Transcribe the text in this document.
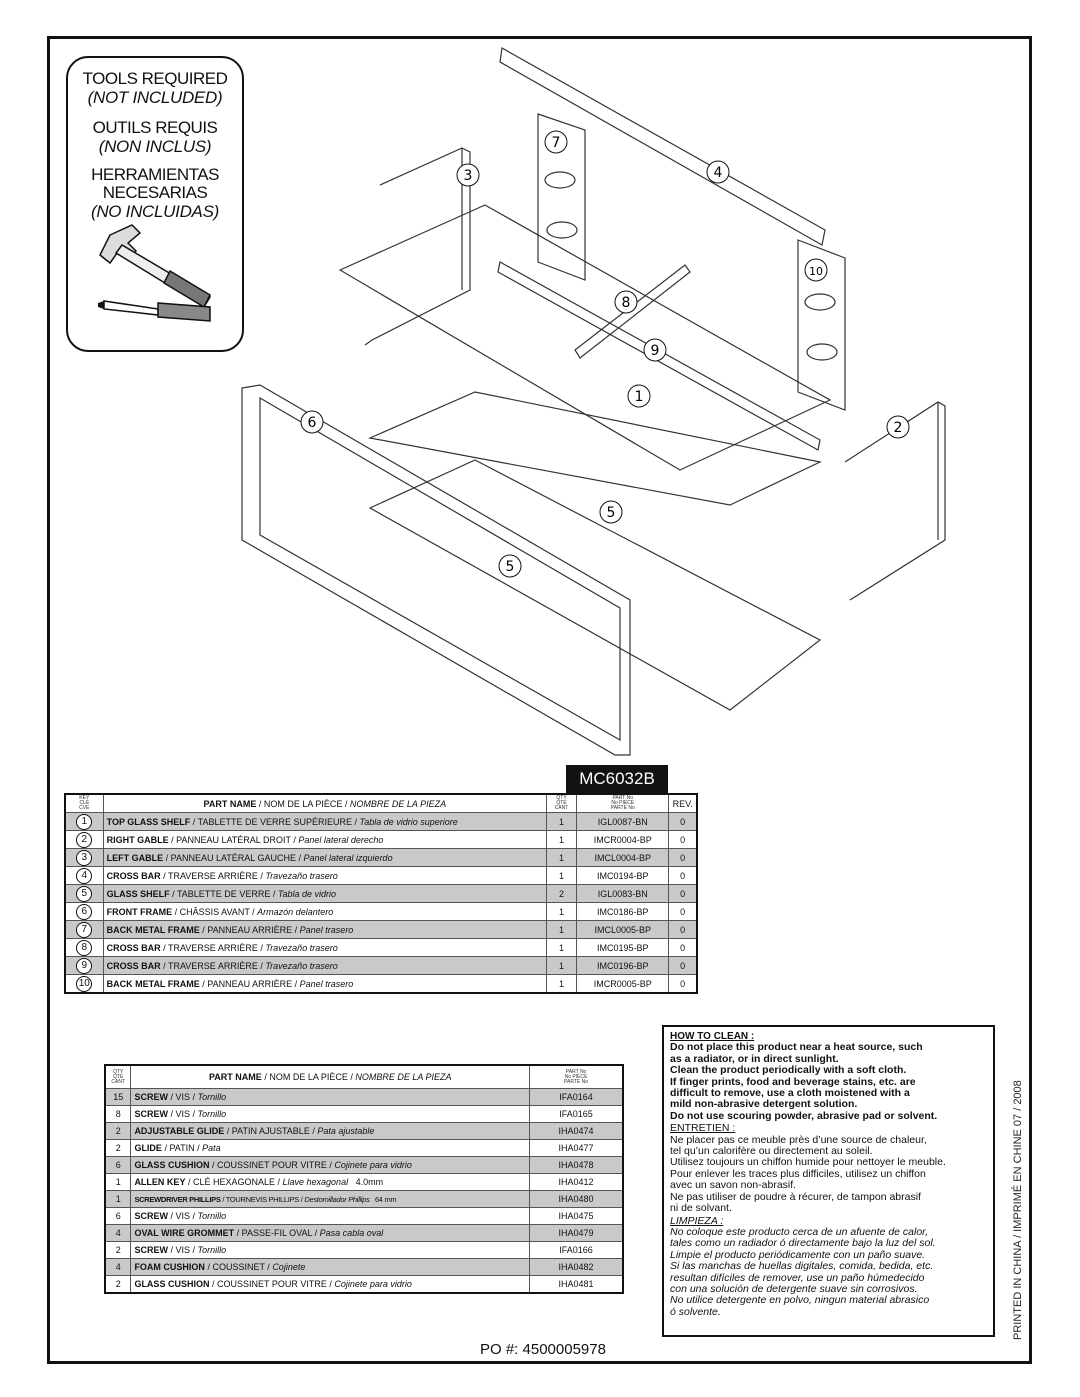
TOOLS REQUIRED
(NOT INCLUDED)
OUTILS REQUIS
(NON INCLUS)
HERRAMIENTAS
NECESARIAS
(NO INCLUIDAS)
7
3	4
10
8
9
1
6	2
5
5
MC6032B
KEY
CLÉ
CVE	PART NAME / NOM DE LA PIÈCE / NOMBRE DE LA PIEZA	QTY
QTÉ
CANT	PART No
No PIÈCE
PARTE No	REV.
1	TOP GLASS SHELF / TABLETTE DE VERRE SUPÉRIEURE / Tabla de vidrio superiore	1	IGL0087-BN	0
2	RIGHT GABLE / PANNEAU LATÉRAL DROIT / Panel lateral derecho	1	IMCR0004-BP	0
3	LEFT GABLE / PANNEAU LATÉRAL GAUCHE / Panel lateral izquierdo	1	IMCL0004-BP	0
4	CROSS BAR / TRAVERSE ARRIÈRE / Travezaño trasero	1	IMC0194-BP	0
5	GLASS SHELF / TABLETTE DE VERRE / Tabla de vidrio	2	IGL0083-BN	0
6	FRONT FRAME / CHÂSSIS AVANT / Armazón delantero	1	IMC0186-BP	0
7	BACK METAL FRAME / PANNEAU ARRIÈRE / Panel trasero	1	IMCL0005-BP	0
8	CROSS BAR / TRAVERSE ARRIÈRE / Travezaño trasero	1	IMC0195-BP	0
9	CROSS BAR / TRAVERSE ARRIÈRE / Travezaño trasero	1	IMC0196-BP	0
10	BACK METAL FRAME / PANNEAU ARRIÈRE / Panel trasero	1	IMCR0005-BP	0
QTY
QTÉ
CANT	PART NAME / NOM DE LA PIÈCE / NOMBRE DE LA PIEZA	PART No
No PIÈCE
PARTE No
15	SCREW / VIS / Tornillo	IFA0164
8	SCREW / VIS / Tornillo	IFA0165
2	ADJUSTABLE GLIDE / PATIN AJUSTABLE / Pata ajustable	IHA0474
2	GLIDE / PATIN / Pata	IHA0477
6	GLASS CUSHION / COUSSINET POUR VITRE / Cojinete para vidrio	IHA0478
1	ALLEN KEY / CLÉ HEXAGONALE / Llave hexagonal 4.0mm	IHA0412
1	SCREWDRIVER PHILLIPS / TOURNEVIS PHILLIPS / Destornillador Phillips 64 mm	IHA0480
6	SCREW / VIS / Tornillo	IHA0475
4	OVAL WIRE GROMMET / PASSE-FIL OVAL / Pasa cabla oval	IHA0479
2	SCREW / VIS / Tornillo	IFA0166
4	FOAM CUSHION / COUSSINET / Cojinete	IHA0482
2	GLASS CUSHION / COUSSINET POUR VITRE / Cojinete para vidrio	IHA0481
HOW TO CLEAN :
Do not place this product near a heat source, such
as a radiator, or in direct sunlight.
Clean the product periodically with a soft cloth.
If finger prints, food and beverage stains, etc. are
difficult to remove, use a cloth moistened with a
mild non-abrasive detergent solution.
Do not use scouring powder, abrasive pad or solvent.
ENTRETIEN :
Ne placer pas ce meuble près d’une source de chaleur,
tel qu’un calorifère ou directement au soleil.
Utilisez toujours un chiffon humide pour nettoyer le meuble.
Pour enlever les traces plus difficiles, utilisez un chiffon
avec un savon non-abrasif.
Ne pas utiliser de poudre à récurer, de tampon abrasif
ni de solvant.
LIMPIEZA :
No coloque este producto cerca de un afuente de calor,
tales como un radiador ó directamente bajo la luz del sol.
Limpie el producto periódicamente con un paño suave.
Si las manchas de huellas digitales, comida, bedida, etc.
resultan difíciles de remover, use un paño húmedecido
con una solución de detergente suave sin corrosivos.
No utilice detergente en polvo, ningun material abrasico
ó solvente.
PO #: 4500005978
PRINTED IN CHINA / IMPRIMÉ EN CHINE 07 / 2008
